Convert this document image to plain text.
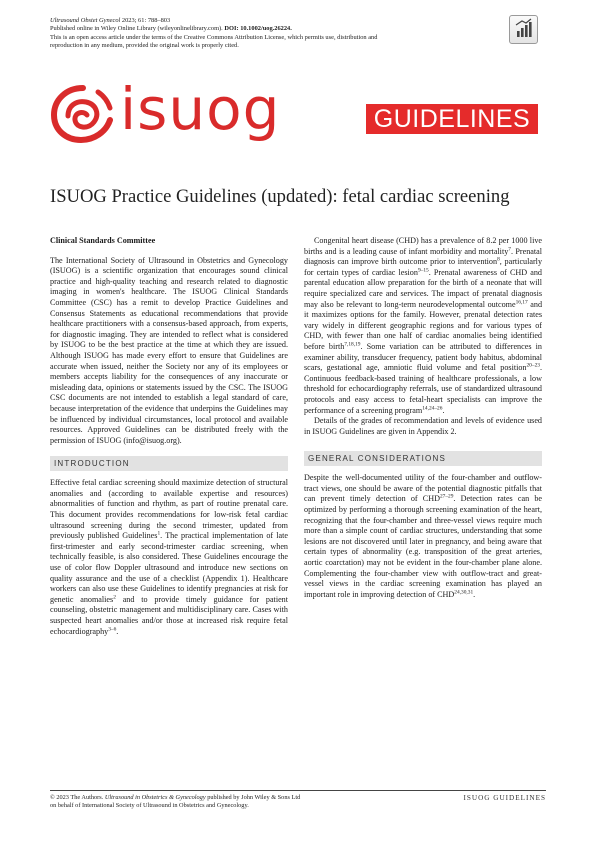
Ultrasound Obstet Gynecol 2023; 61: 788–803
Published online in Wiley Online Library (wileyonlinelibrary.com). DOI: 10.1002/uog.26224.
This is an open access article under the terms of the Creative Commons Attribution License, which permits use, distribution and
reproduction in any medium, provided the original work is properly cited.
isuog	GUIDELINES
ISUOG Practice Guidelines (updated): fetal cardiac screening

Clinical Standards Committee

The International Society of Ultrasound in Obstetrics and Gynecology (ISUOG) is a scientific organization that encourages sound clinical practice and high-quality teaching and research related to diagnostic imaging in women's healthcare. The ISUOG Clinical Standards Committee (CSC) has a remit to develop Practice Guidelines and Consensus Statements as educational recommendations that provide healthcare practitioners with a consensus-based approach, from experts, for diagnostic imaging. They are intended to reflect what is considered by ISUOG to be the best practice at the time at which they are issued. Although ISUOG has made every effort to ensure that Guidelines are accurate when issued, neither the Society nor any of its employees or members accepts liability for the consequences of any inaccurate or misleading data, opinions or statements issued by the CSC. The ISUOG CSC documents are not intended to establish a legal standard of care, because interpretation of the evidence that underpins the Guidelines may be influenced by individual circumstances, local protocol and available resources. Approved Guidelines can be distributed freely with the permission of ISUOG (info@isuog.org).

INTRODUCTION

Effective fetal cardiac screening should maximize detection of structural anomalies and (according to available expertise and resources) abnormalities of function and rhythm, as part of routine prenatal care. This document provides recommendations for low-risk fetal cardiac ultrasound screening during the second trimester, updated from previously published Guidelines$^1$. The practical implementation of late first-trimester and early second-trimester cardiac screening, when technically feasible, is also considered. These Guidelines encourage the use of color flow Doppler ultrasound and introduce new sections on quality assurance and the use of a checklist (Appendix 1). Healthcare workers can also use these Guidelines to identify pregnancies at risk for genetic anomalies$^2$ and to provide timely guidance for patient counseling, obstetric management and multidisciplinary care. Cases with suspected heart anomalies and/or those at increased risk require fetal echocardiography$^{3-6}$.

Congenital heart disease (CHD) has a prevalence of 8.2 per 1000 live births and is a leading cause of infant morbidity and mortality$^7$. Prenatal diagnosis can improve birth outcome prior to intervention$^8$, particularly for certain types of cardiac lesion$^{9-15}$. Prenatal awareness of CHD and parental education allow preparation for the birth of a neonate that will require specialized care and services. The impact of prenatal diagnosis may also be relevant to long-term neurodevelopmental outcome$^{16,17}$ and it maximizes options for the family. However, prenatal detection rates vary widely in different geographic regions and for various types of CHD, with fewer than one half of cardiac anomalies being identified before birth$^{7,18,19}$. Some variation can be attributed to differences in examiner ability, transducer frequency, patient body habitus, abdominal scars, gestational age, amniotic fluid volume and fetal position$^{20-23}$. Continuous feedback-based training of healthcare professionals, a low threshold for echocardiography referrals, use of standardized ultrasound protocols and easy access to fetal-heart specialists can improve the performance of a screening program$^{14,24-26}$.

Details of the grades of recommendation and levels of evidence used in ISUOG Guidelines are given in Appendix 2.

GENERAL CONSIDERATIONS

Despite the well-documented utility of the four-chamber and outflow-tract views, one should be aware of the potential diagnostic pitfalls that can prevent timely detection of CHD$^{27-29}$. Detection rates can be optimized by performing a thorough screening examination of the heart, recognizing that the four-chamber and three-vessel views require much more than a simple count of cardiac structures, understanding that some lesions are not discovered until later in pregnancy, and being aware that certain types of abnormality (e.g. transposition of the great arteries, aortic coarctation) may not be evident in the four-chamber plane alone. Complementing the four-chamber view with outflow-tract and great-vessel views in the cardiac screening examination has played an important role in improving detection of CHD$^{24,30,31}$.

© 2023 The Authors. Ultrasound in Obstetrics & Gynecology published by John Wiley & Sons Ltd
on behalf of International Society of Ultrasound in Obstetrics and Gynecology.
ISUOG GUIDELINES
